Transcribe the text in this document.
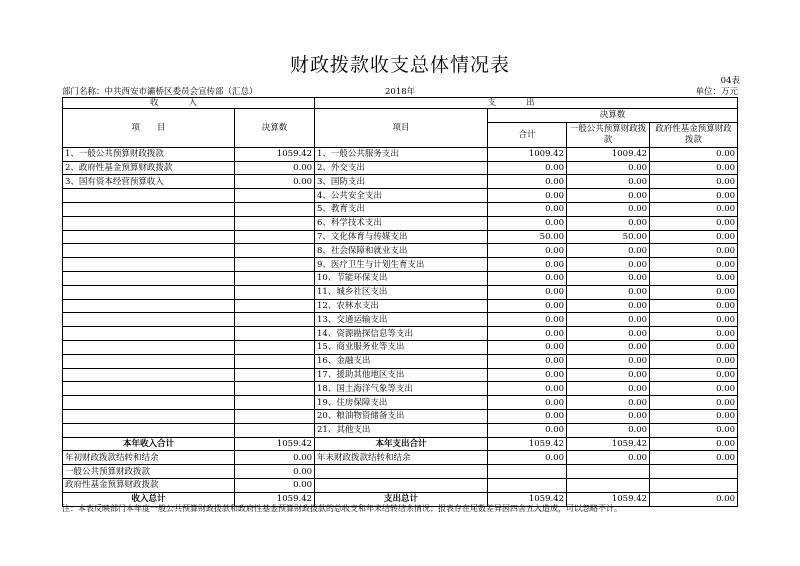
财政拨款收支总体情况表
04表
部门名称：中共西安市灞桥区委员会宣传部（汇总）	2018年	单位：万元
收入		支出			
项　　目	决算数	项目	决算数		
			合计	一般公共预算财政拨款	政府性基金预算财政拨款
1、一般公共预算财政拨款	1059.42	1、一般公共服务支出	1009.42	1009.42	0.00
2、政府性基金预算财政拨款	0.00	2、外交支出	0.00	0.00	0.00
3、国有资本经营预算收入	0.00	3、国防支出	0.00	0.00	0.00
		4、公共安全支出	0.00	0.00	0.00
		5、教育支出	0.00	0.00	0.00
		6、科学技术支出	0.00	0.00	0.00
		7、文化体育与传媒支出	50.00	50.00	0.00
		8、社会保障和就业支出	0.00	0.00	0.00
		9、医疗卫生与计划生育支出	0.00	0.00	0.00
		10、节能环保支出	0.00	0.00	0.00
		11、城乡社区支出	0.00	0.00	0.00
		12、农林水支出	0.00	0.00	0.00
		13、交通运输支出	0.00	0.00	0.00
		14、资源勘探信息等支出	0.00	0.00	0.00
		15、商业服务业等支出	0.00	0.00	0.00
		16、金融支出	0.00	0.00	0.00
		17、援助其他地区支出	0.00	0.00	0.00
		18、国土海洋气象等支出	0.00	0.00	0.00
		19、住房保障支出	0.00	0.00	0.00
		20、粮油物资储备支出	0.00	0.00	0.00
		21、其他支出	0.00	0.00	0.00
本年收入合计	1059.42	本年支出合计	1059.42	1059.42	0.00
年初财政拨款结转和结余	0.00	年末财政拨款结转和结余	0.00	0.00	0.00
一般公共预算财政拨款	0.00				
政府性基金预算财政拨款	0.00				
收入总计	1059.42	支出总计	1059.42	1059.42	0.00
注：本表反映部门本年度一般公共预算财政拨款和政府性基金预算财政拨款的总收支和年末结转结余情况；报表存在尾数差异因四舍五入造成，可以忽略不计。
